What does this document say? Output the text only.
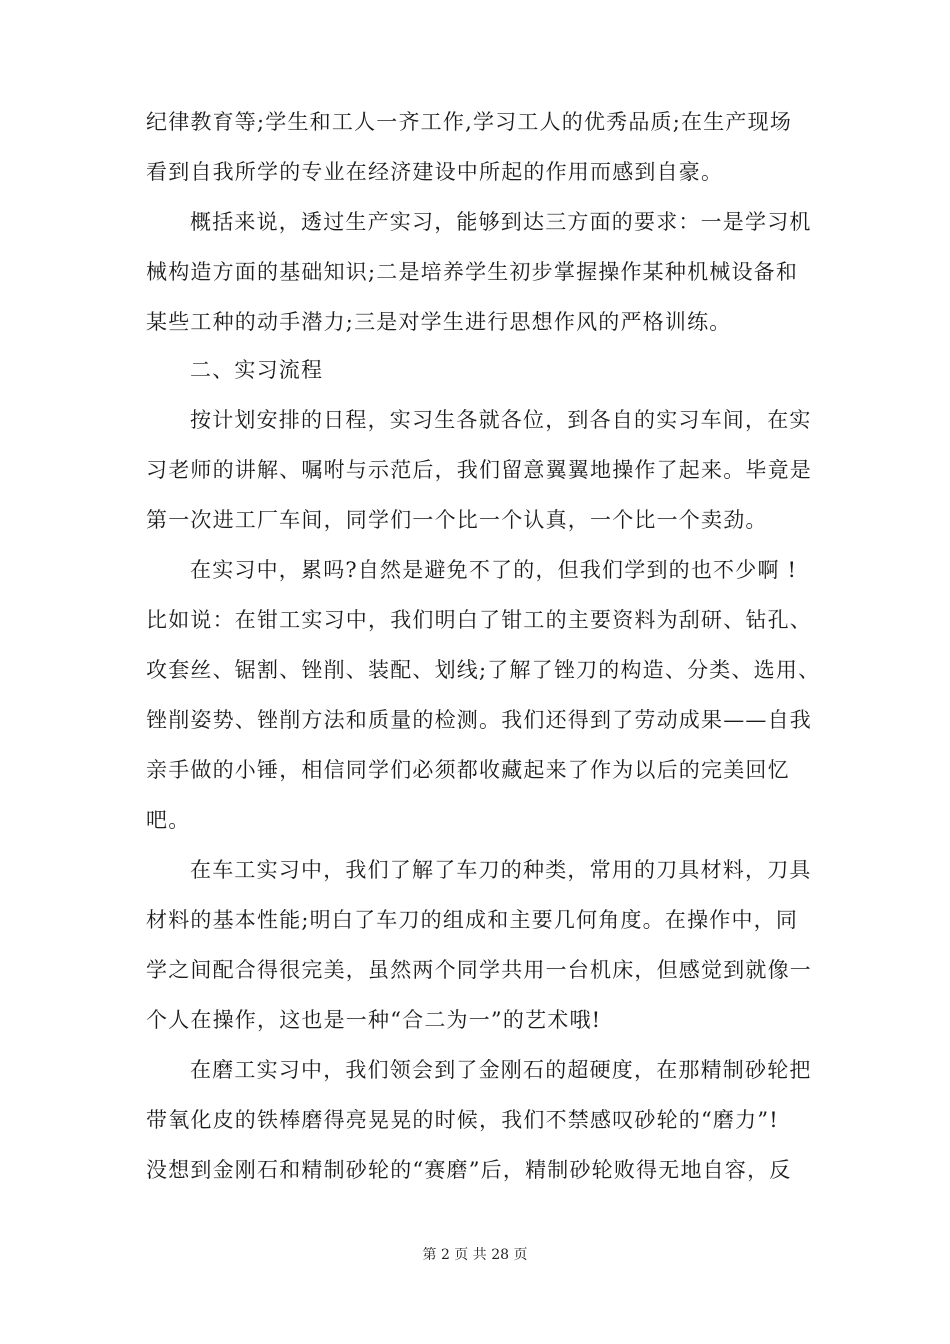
纪律教育等;学生和工人一齐工作,学习工人的优秀品质;在生产现场
看到自我所学的专业在经济建设中所起的作用而感到自豪。
概括来说，透过生产实习，能够到达三方面的要求：一是学习机
械构造方面的基础知识;二是培养学生初步掌握操作某种机械设备和
某些工种的动手潜力;三是对学生进行思想作风的严格训练。
二、实习流程
按计划安排的日程，实习生各就各位，到各自的实习车间，在实
习老师的讲解、嘱咐与示范后，我们留意翼翼地操作了起来。毕竟是
第一次进工厂车间，同学们一个比一个认真，一个比一个卖劲。
在实习中，累吗?自然是避免不了的，但我们学到的也不少啊 !
比如说：在钳工实习中，我们明白了钳工的主要资料为刮研、钻孔、
攻套丝、锯割、锉削、装配、划线;了解了锉刀的构造、分类、选用、
锉削姿势、锉削方法和质量的检测。我们还得到了劳动成果——自我
亲手做的小锤，相信同学们必须都收藏起来了作为以后的完美回忆
吧。
在车工实习中，我们了解了车刀的种类，常用的刀具材料，刀具
材料的基本性能;明白了车刀的组成和主要几何角度。在操作中，同
学之间配合得很完美，虽然两个同学共用一台机床，但感觉到就像一
个人在操作，这也是一种“合二为一”的艺术哦!
在磨工实习中，我们领会到了金刚石的超硬度，在那精制砂轮把
带氧化皮的铁棒磨得亮晃晃的时候，我们不禁感叹砂轮的“磨力”!
没想到金刚石和精制砂轮的“赛磨”后，精制砂轮败得无地自容，反
第 2 页 共 28 页
